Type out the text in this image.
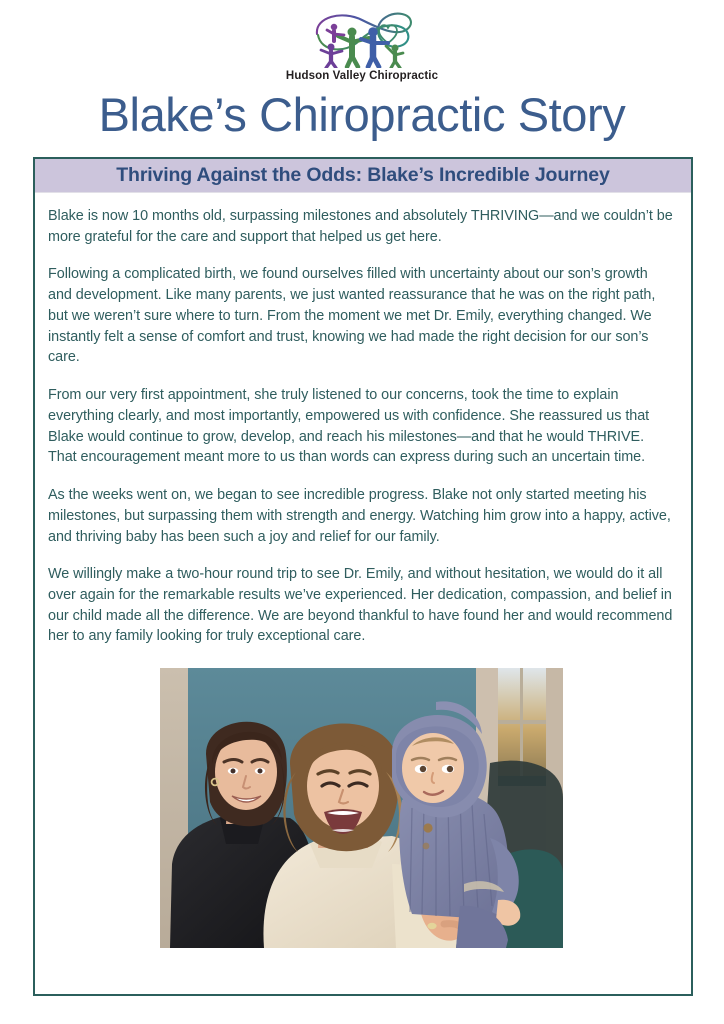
Hudson Valley Chiropractic
Blake’s Chiropractic Story
Thriving Against the Odds: Blake’s Incredible Journey

Blake is now 10 months old, surpassing milestones and absolutely THRIVING—and we couldn’t be more grateful for the care and support that helped us get here.

Following a complicated birth, we found ourselves filled with uncertainty about our son’s growth and development. Like many parents, we just wanted reassurance that he was on the right path, but we weren’t sure where to turn. From the moment we met Dr. Emily, everything changed. We instantly felt a sense of comfort and trust, knowing we had made the right decision for our son’s care.

From our very first appointment, she truly listened to our concerns, took the time to explain everything clearly, and most importantly, empowered us with confidence. She reassured us that Blake would continue to grow, develop, and reach his milestones—and that he would THRIVE. That encouragement meant more to us than words can express during such an uncertain time.

As the weeks went on, we began to see incredible progress. Blake not only started meeting his milestones, but surpassing them with strength and energy. Watching him grow into a happy, active, and thriving baby has been such a joy and relief for our family.

We willingly make a two-hour round trip to see Dr. Emily, and without hesitation, we would do it all over again for the remarkable results we’ve experienced. Her dedication, compassion, and belief in our child made all the difference. We are beyond thankful to have found her and would recommend her to any family looking for truly exceptional care.
